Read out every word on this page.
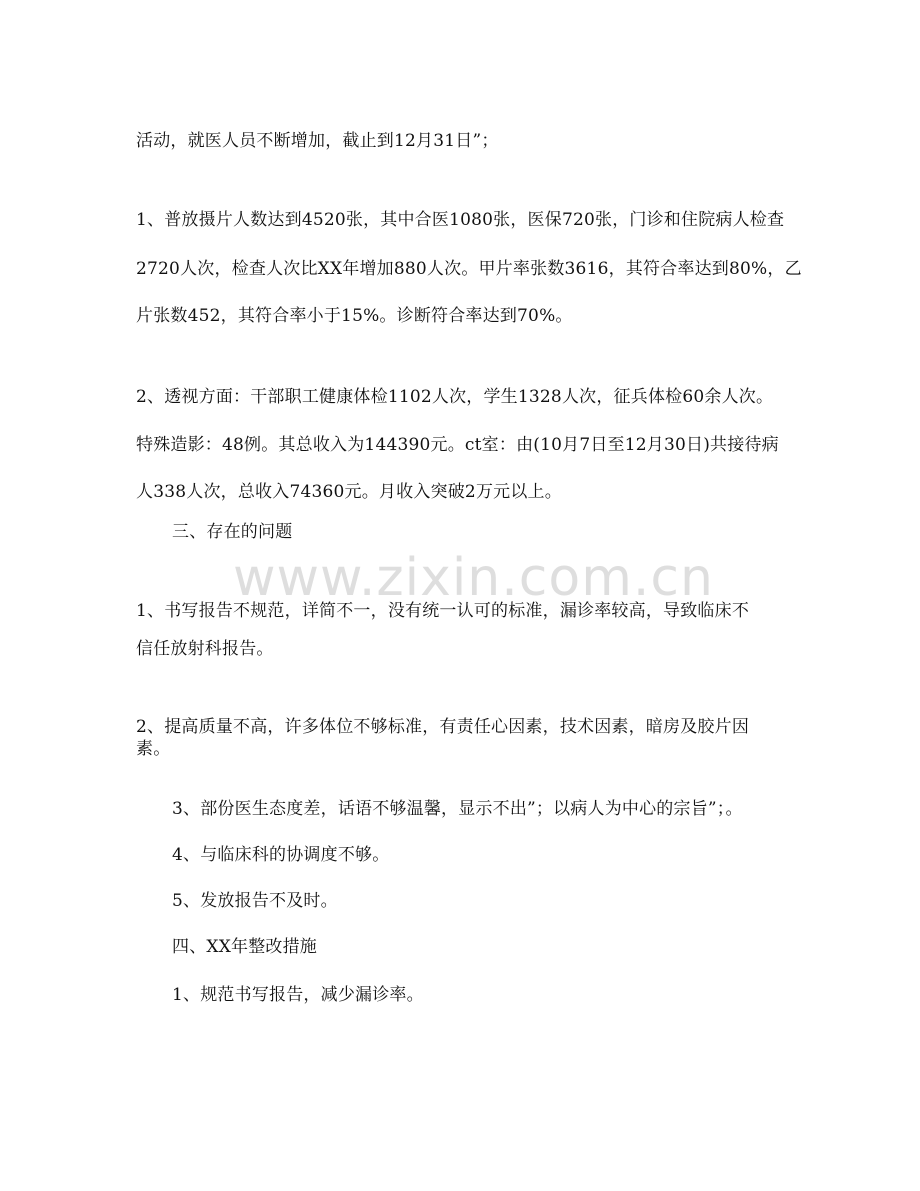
www.zixin.com.cn
活动，就医人员不断增加，截止到12月31日”；
1、普放摄片人数达到4520张，其中合医1080张，医保720张，门诊和住院病人检查
2720人次，检查人次比XX年增加880人次。甲片率张数3616，其符合率达到80%，乙
片张数452，其符合率小于15%。诊断符合率达到70%。
2、透视方面：干部职工健康体检1102人次，学生1328人次，征兵体检60余人次。
特殊造影：48例。其总收入为144390元。ct室：由(10月7日至12月30日)共接待病
人338人次，总收入74360元。月收入突破2万元以上。
三、存在的问题
1、书写报告不规范，详简不一，没有统一认可的标准，漏诊率较高，导致临床不
信任放射科报告。
2、提高质量不高，许多体位不够标准，有责任心因素，技术因素，暗房及胶片因
素。
3、部份医生态度差，话语不够温馨，显示不出”；以病人为中心的宗旨”；。
4、与临床科的协调度不够。
5、发放报告不及时。
四、XX年整改措施
1、规范书写报告，减少漏诊率。
